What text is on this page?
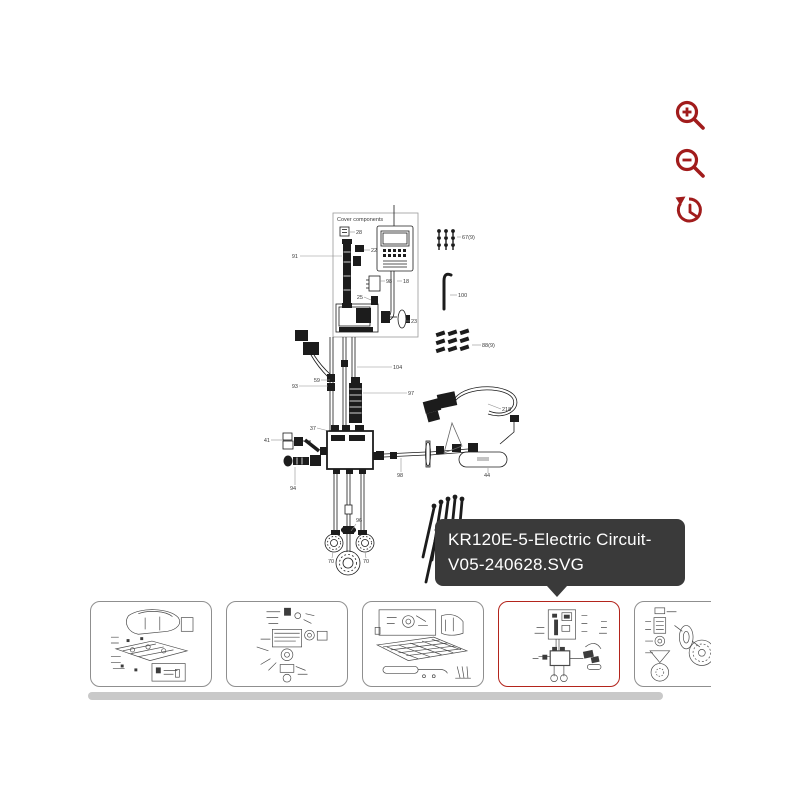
Cover components
28
91
22
25
98 18
23
67(9)
100
88(9)
104
59
93
97
218
37
41
94
98	44
96
70	70
KR120E-5-Electric Circuit-V05-240628.SVG
